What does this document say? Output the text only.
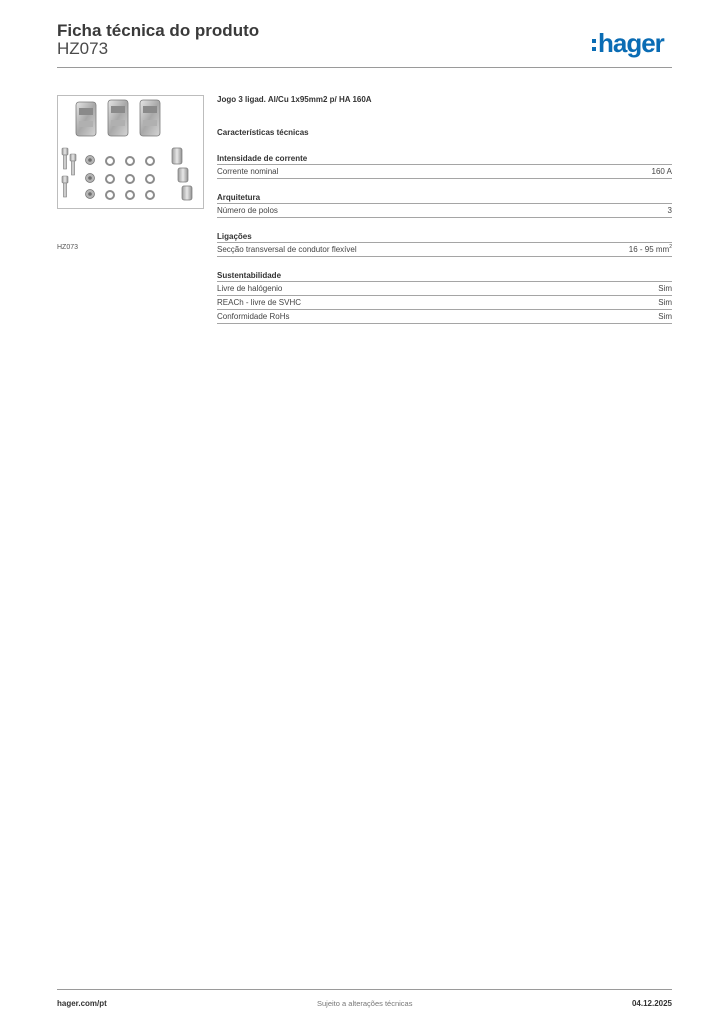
Ficha técnica do produto
HZ073	hager
HZ073
Jogo 3 ligad. Al/Cu 1x95mm2 p/ HA 160A
Características técnicas
Intensidade de corrente
Corrente nominal	160 A
Arquitetura
Número de polos	3
Ligações
Secção transversal de condutor flexível	16 - 95 $mm^2$
Sustentabilidade
Livre de halógenio	Sim
REACh - livre de SVHC	Sim
Conformidade RoHs	Sim
hager.com/pt	Sujeito a alterações técnicas	04.12.2025
